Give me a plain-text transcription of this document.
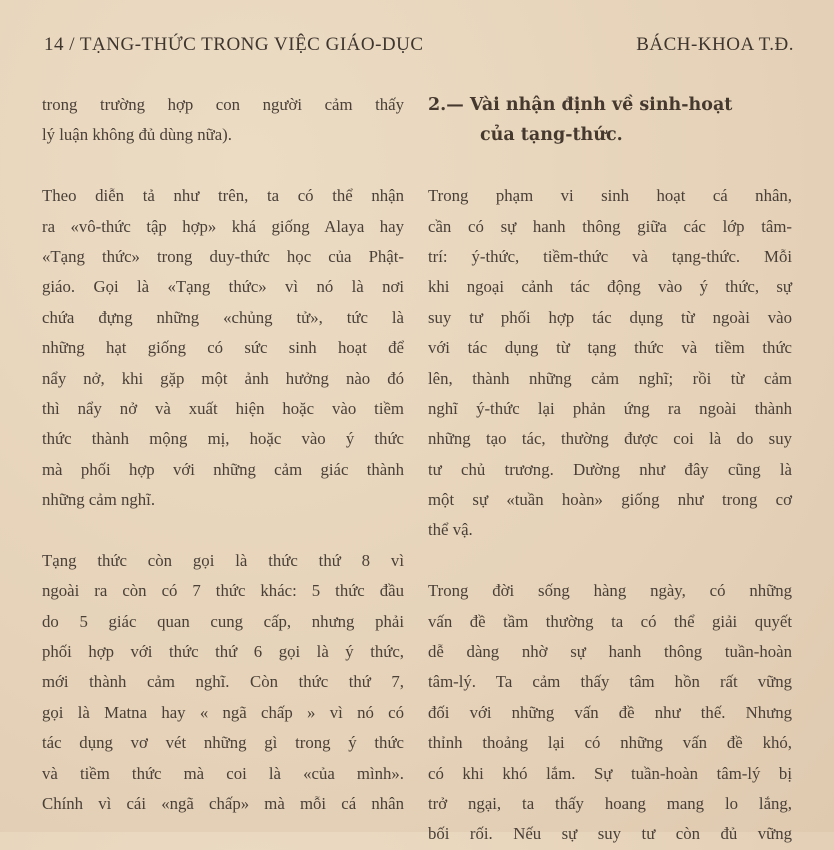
14 / TẠNG-THỨC TRONG VIỆC GIÁO-DỤC	BÁCH-KHOA T.Đ.
trong trường hợp con người cảm thấy
lý luận không đủ dùng nữa).
Theo diễn tả như trên, ta có thể nhận
ra «vô-thức tập hợp» khá giống Alaya hay
«Tạng thức» trong duy-thức học của Phật-
giáo. Gọi là «Tạng thức» vì nó là nơi
chứa đựng những «chủng tử», tức là
những hạt giống có sức sinh hoạt để
nẩy nở, khi gặp một ảnh hưởng nào đó
thì nẩy nở và xuất hiện hoặc vào tiềm
thức thành mộng mị, hoặc vào ý thức
mà phối hợp với những cảm giác thành
những cảm nghĩ.
Tạng thức còn gọi là thức thứ 8 vì
ngoài ra còn có 7 thức khác: 5 thức đầu
do 5 giác quan cung cấp, nhưng phải
phối hợp với thức thứ 6 gọi là ý thức,
mới thành cảm nghĩ. Còn thức thứ 7,
gọi là Matna hay « ngã chấp » vì nó có
tác dụng vơ vét những gì trong ý thức
và tiềm thức mà coi là «của mình».
Chính vì cái «ngã chấp» mà mỗi cá nhân
2.— Vài nhận định về sinh-hoạt
của tạng-thức.
Trong phạm vi sinh hoạt cá nhân,
cần có sự hanh thông giữa các lớp tâm-
trí: ý-thức, tiềm-thức và tạng-thức. Mỗi
khi ngoại cảnh tác động vào ý thức, sự
suy tư phối hợp tác dụng từ ngoài vào
với tác dụng từ tạng thức và tiềm thức
lên, thành những cảm nghĩ; rồi từ cảm
nghĩ ý-thức lại phản ứng ra ngoài thành
những tạo tác, thường được coi là do suy
tư chủ trương. Dường như đây cũng là
một sự «tuần hoàn» giống như trong cơ
thể vậ.
Trong đời sống hàng ngày, có những
vấn đề tầm thường ta có thể giải quyết
dễ dàng nhờ sự hanh thông tuần-hoàn
tâm-lý. Ta cảm thấy tâm hồn rất vững
đối với những vấn đề như thế. Nhưng
thỉnh thoảng lại có những vấn đề khó,
có khi khó lắm. Sự tuần-hoàn tâm-lý bị
trở ngại, ta thấy hoang mang lo lắng,
bối rối. Nếu sự suy tư còn đủ vững
